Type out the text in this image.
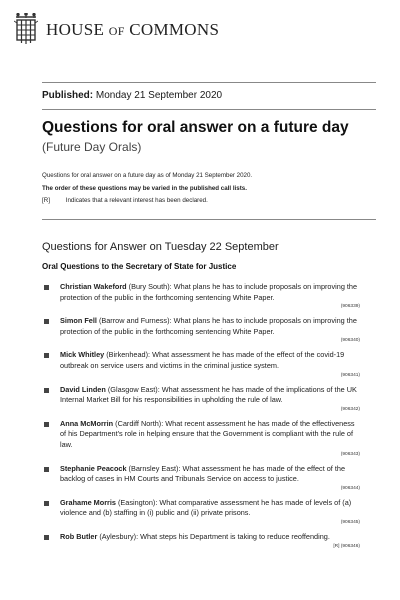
HOUSE OF COMMONS
Published: Monday 21 September 2020
Questions for oral answer on a future day
(Future Day Orals)
Questions for oral answer on a future day as of Monday 21 September 2020.
The order of these questions may be varied in the published call lists.
[R]	Indicates that a relevant interest has been declared.
Questions for Answer on Tuesday 22 September
Oral Questions to the Secretary of State for Justice
Christian Wakeford (Bury South): What plans he has to include proposals on improving the protection of the public in the forthcoming sentencing White Paper.
(906339)
Simon Fell (Barrow and Furness): What plans he has to include proposals on improving the protection of the public in the forthcoming sentencing White Paper.
(906340)
Mick Whitley (Birkenhead): What assessment he has made of the effect of the covid-19 outbreak on service users and victims in the criminal justice system.
(906341)
David Linden (Glasgow East): What assessment he has made of the implications of the UK Internal Market Bill for his responsibilities in upholding the rule of law.
(906342)
Anna McMorrin (Cardiff North): What recent assessment he has made of the effectiveness of his Department's role in helping ensure that the Government is compliant with the rule of law.
(906343)
Stephanie Peacock (Barnsley East): What assessment he has made of the effect of the backlog of cases in HM Courts and Tribunals Service on access to justice.
(906344)
Grahame Morris (Easington): What comparative assessment he has made of levels of (a) violence and (b) staffing in (i) public and (ii) private prisons.
(906345)
Rob Butler (Aylesbury): What steps his Department is taking to reduce reoffending.
[R] (906346)
